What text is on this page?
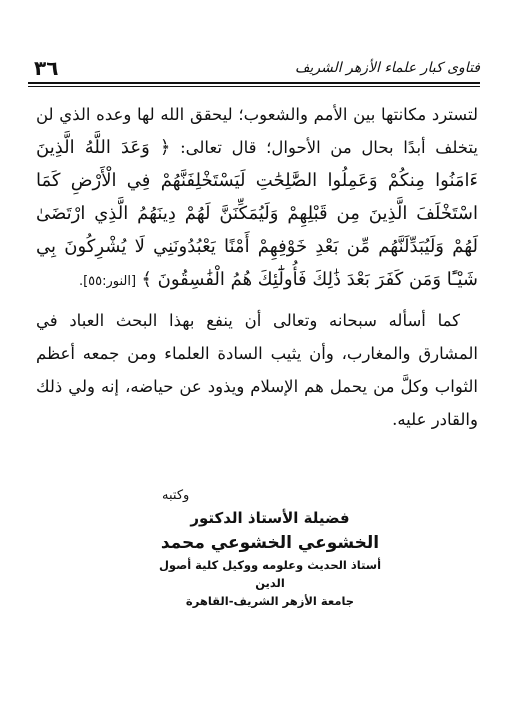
٣٦	فتاوى كبار علماء الأزهر الشريف

لتسترد مكانتها بين الأمم والشعوب؛ ليحقق الله لها وعده الذي لن يتخلف أبدًا بحال من الأحوال؛ قال تعالى: ﴿ وَعَدَ اللَّهُ الَّذِينَ ءَامَنُوا مِنكُمْ وَعَمِلُوا الصَّٰلِحَٰتِ لَيَسْتَخْلِفَنَّهُمْ فِي الْأَرْضِ كَمَا اسْتَخْلَفَ الَّذِينَ مِن قَبْلِهِمْ وَلَيُمَكِّنَنَّ لَهُمْ دِينَهُمُ الَّذِي ارْتَضَىٰ لَهُمْ وَلَيُبَدِّلَنَّهُم مِّن بَعْدِ خَوْفِهِمْ أَمْنًا يَعْبُدُونَنِي لَا يُشْرِكُونَ بِي شَيْـًٔا وَمَن كَفَرَ بَعْدَ ذَٰلِكَ فَأُولَٰٓئِكَ هُمُ الْفَٰسِقُونَ ﴾ [النور:٥٥].

كما أسأله سبحانه وتعالى أن ينفع بهذا البحث العباد في المشارق والمغارب، وأن يثيب السادة العلماء ومن جمعه أعظم الثواب وكلَّ من يحمل هم الإسلام ويذود عن حياضه، إنه ولي ذلك والقادر عليه.

وكتبه
فضيلة الأستاذ الدكتور
الخشوعي الخشوعي محمد
أستاذ الحديث وعلومه ووكيل كلية أصول الدين
جامعة الأزهر الشريف-القاهرة
